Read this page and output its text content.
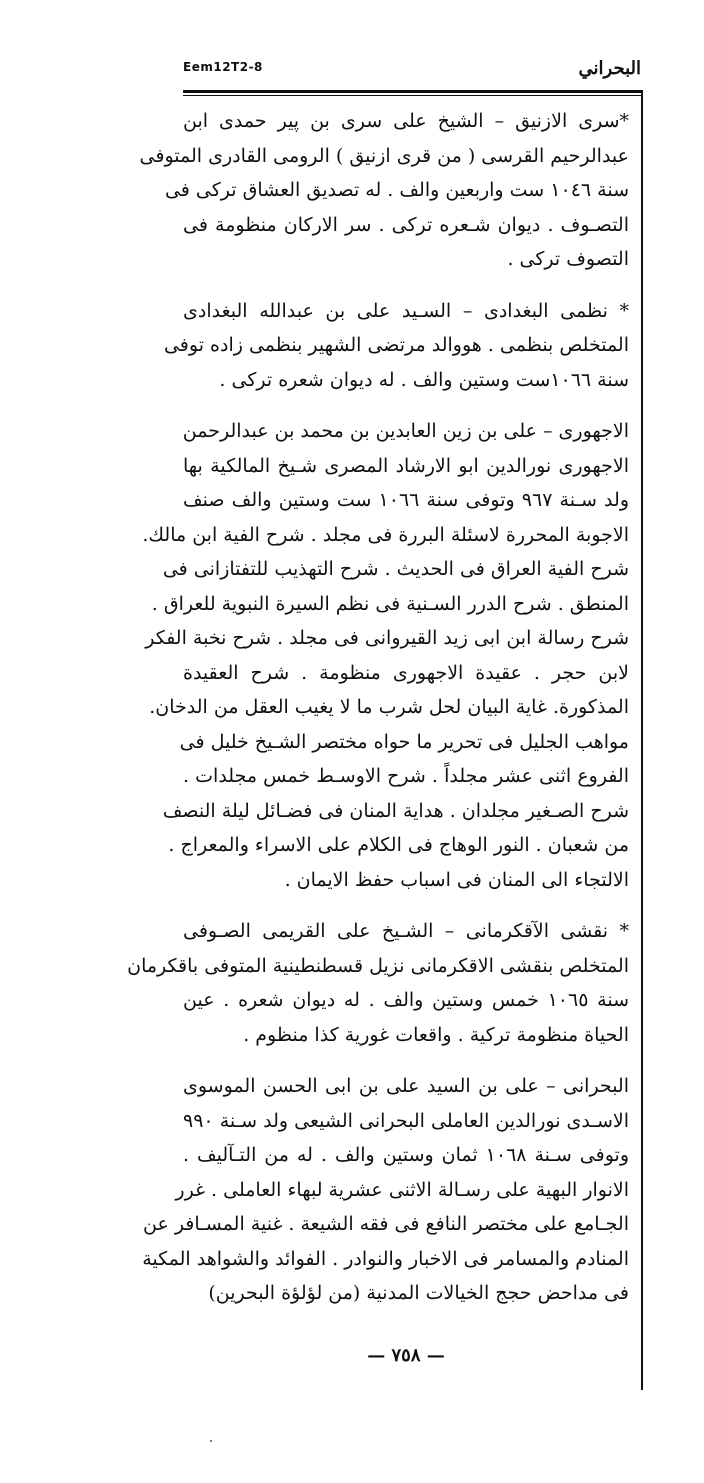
البحراني
Eem12T2-8
*سرى الازنيق – الشيخ على سرى بن پير حمدى ابن
عبدالرحيم القرسى ( من قرى ازنيق ) الرومى القادرى المتوفى
سنة ١٠٤٦ ست واربعين والف . له تصديق العشاق تركى فى
التصـوف . ديوان شـعره تركى . سر الاركان منظومة فى
التصوف تركى .
* نظمى البغدادى – السـيد على بن عبدالله البغدادى
المتخلص بنظمى . هووالد مرتضى الشهير بنظمى زاده توفى
سنة ١٠٦٦ست وستين والف . له ديوان شعره تركى .
الاجهورى – على بن زين العابدين بن محمد بن عبدالرحمن
الاجهورى نورالدين ابو الارشاد المصرى شـيخ المالكية بها
ولد سـنة ٩٦٧ وتوفى سنة ١٠٦٦ ست وستين والف صنف
الاجوبة المحررة لاسئلة البررة فى مجلد . شرح الفية ابن مالك.
شرح الفية العراق فى الحديث . شرح التهذيب للتفتازانى فى
المنطق . شرح الدرر السـنية فى نظم السيرة النبوية للعراق .
شرح رسالة ابن ابى زيد القيروانى فى مجلد . شرح نخبة الفكر
لابن حجر . عقيدة الاجهورى منظومة . شرح العقيدة
المذكورة. غاية البيان لحل شرب ما لا يغيب العقل من الدخان.
مواهب الجليل فى تحرير ما حواه مختصر الشـيخ خليل فى
الفروع اثنى عشر مجلداً . شرح الاوسـط خمس مجلدات .
شرح الصـغير مجلدان . هداية المنان فى فضـائل ليلة النصف
من شعبان . النور الوهاج فى الكلام على الاسراء والمعراج .
الالتجاء الى المنان فى اسباب حفظ الايمان .
* نقشى الآقكرمانى – الشـيخ على القريمى الصـوفى
المتخلص بنقشى الاقكرمانى نزيل قسطنطينية المتوفى باقكرمان
سنة ١٠٦٥ خمس وستين والف . له ديوان شعره . عين
الحياة منظومة تركية . واقعات غورية كذا منظوم .
البحرانى – على بن السيد على بن ابى الحسن الموسوى
الاسـدى نورالدين العاملى البحرانى الشيعى ولد سـنة ٩٩٠
وتوفى سـنة ١٠٦٨ ثمان وستين والف . له من التـآليف .
الانوار البهية على رسـالة الاثنى عشرية لبهاء العاملى . غرر
الجـامع على مختصر النافع فى فقه الشيعة . غنية المسـافر عن
المنادم والمسامر فى الاخبار والنوادر . الفوائد والشواهد المكية
فى مداحض حجج الخيالات المدنية (من لؤلؤة البحرين)
— ٧٥٨ —
